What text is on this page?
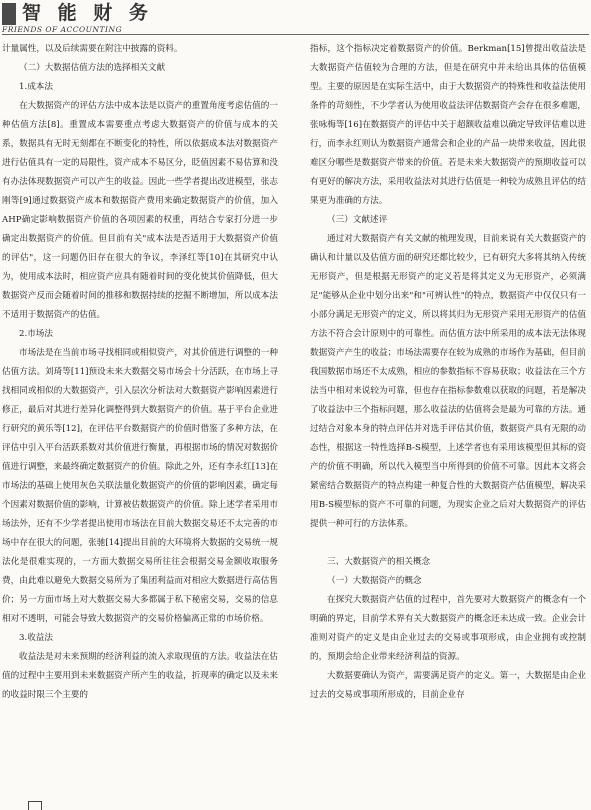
智 能 财 务
FRIENDS OF ACCOUNTING

计量属性，以及后续需要在附注中披露的资料。

（二）大数据估值方法的选择相关文献

1.成本法

在大数据资产的评估方法中成本法是以资产的重置角度考虑估值的一种估值方法[8]。重置成本需要重点考虑大数据资产的价值与成本的关系，数据具有无时无刻都在不断变化的特性，所以依据成本法对数据资产进行估值具有一定的局限性，资产成本不易区分，眨值因素不易估算和没有办法体现数据资产可以产生的收益。因此一些学者提出改进模型，张志刚等[9]通过数据资产成本和数据资产费用来确定数据资产的价值，加入AHP确定影响数据资产价值的各项因素的权重，再结合专家打分进一步确定出数据资产的价值。但目前有关"成本法是否适用于大数据资产价值的评估"，这一问题仍旧存在很大的争议，李泽红等[10]在其研究中认为，使用成本法时，相应资产应具有随着时间的变化使其价值降低，但大数据资产反而会随着时间的推移和数据持续的挖掘不断增加，所以成本法不适用于数据资产的估值。

2.市场法

市场法是在当前市场寻找相同或相似资产，对其价值进行调整的一种估值方法。刘琦等[11]预设未来大数据交易市场会十分活跃，在市场上寻找相同或相似的大数据资产，引入层次分析法对大数据资产影响因素进行修正，最后对其进行差异化调整得到大数据资产的价值。基于平台企业进行研究的黄乐等[12]，在评估平台数据资产的价值时借鉴了多种方法，在评估中引入平台活跃系数对其价值进行衡量，再根据市场的情况对数据价值进行调整，来最终确定数据资产的价值。除此之外，还有李永红[13]在市场法的基础上使用灰色关联法量化数据资产的价值的影响因素，确定每个因素对数据价值的影响，计算被估数据资产的价值。除上述学者采用市场法外，还有不少学者提出使用市场法在目前大数据交易还不太完善的市场中存在很大的问题，张驰[14]提出目前的大环境将大数据的交易统一规法化是很难实现的，一方面大数据交易所往往会根据交易金额收取服务费，由此难以避免大数据交易所为了集团利益而对相应大数据进行高估售价；另一方面市场上对大数据交易大多都属于私下秘密交易，交易的信息相对不透明，可能会导致大数据资产的交易价格偏离正常的市场价格。

3.收益法

收益法是对未来预期的经济利益的流入求取现值的方法。收益法在估值的过程中主要用到未来数据资产所产生的收益，折现率的确定以及未来的收益时限三个主要的

指标，这个指标决定着数据资产的价值。Berkman[15]曾提出收益法是大数据资产估值较为合理的方法，但是在研究中并未给出具体的估值模型。主要的原因是在实际生活中，由于大数据资产的特殊性和收益法使用条件的苛刻性，不少学者认为使用收益法评估数据资产会存在很多难题，张咏梅等[16]在数据资产的评估中关于超额收益难以确定导致评估难以进行，而李永红则认为数据资产通常会和企业的产品一块带来收益，因此很难区分哪些是数据资产带来的价值。若是未来大数据资产的预期收益可以有更好的解决方法，采用收益法对其进行估值是一种较为成熟且评估的结果更为准确的方法。

（三）文献述评

通过对大数据资产有关文献的梳理发现，目前来说有关大数据资产的确认和计量以及估值方面的研究还都比较少，已有研究大多将其纳入传统无形资产，但是根据无形资产的定义若是将其定义为无形资产，必须满足"能够从企业中划分出来"和"可辨认性"的特点，数据资产中仅仅只有一小部分满足无形资产的定义，所以将其归为无形资产采用无形资产的估值方法不符合会计原则中的可靠性。而估值方法中所采用的成本法无法体现数据资产产生的收益；市场法需要存在较为成熟的市场作为基础，但目前我国数据市场还不太成熟，相应的参数指标不容易获取；收益法在三个方法当中相对来说较为可靠，但也存在指标参数难以获取的问题，若是解决了收益法中三个指标问题，那么收益法的估值将会是最为可靠的方法。通过结合对象本身的特点评估并对选手评估其价值，数据资产具有无限的动态性，根据这一特性选择B-S模型，上述学者也有采用该模型但其标的资产的价值不明确，所以代入模型当中所得到的价值不可靠。因此本文将会紧密结合数据资产的特点构建一种复合性的大数据资产估值模型，解决采用B-S模型标的资产不可靠的问题，为现实企业之后对大数据资产的评估提供一种可行的方法体系。

三、大数据资产的相关概念

（一）大数据资产的概念

在探究大数据资产估值的过程中，首先要对大数据资产的概念有一个明确的界定，目前学术界有关大数据资产的概念还未达成一致。企业会计准则对资产的定义是由企业过去的交易或事项形成，由企业拥有或控制的，预期会给企业带来经济利益的资源。

大数据要确认为资产，需要满足资产的定义。第一，大数据是由企业过去的交易或事项所形成的，目前企业存
